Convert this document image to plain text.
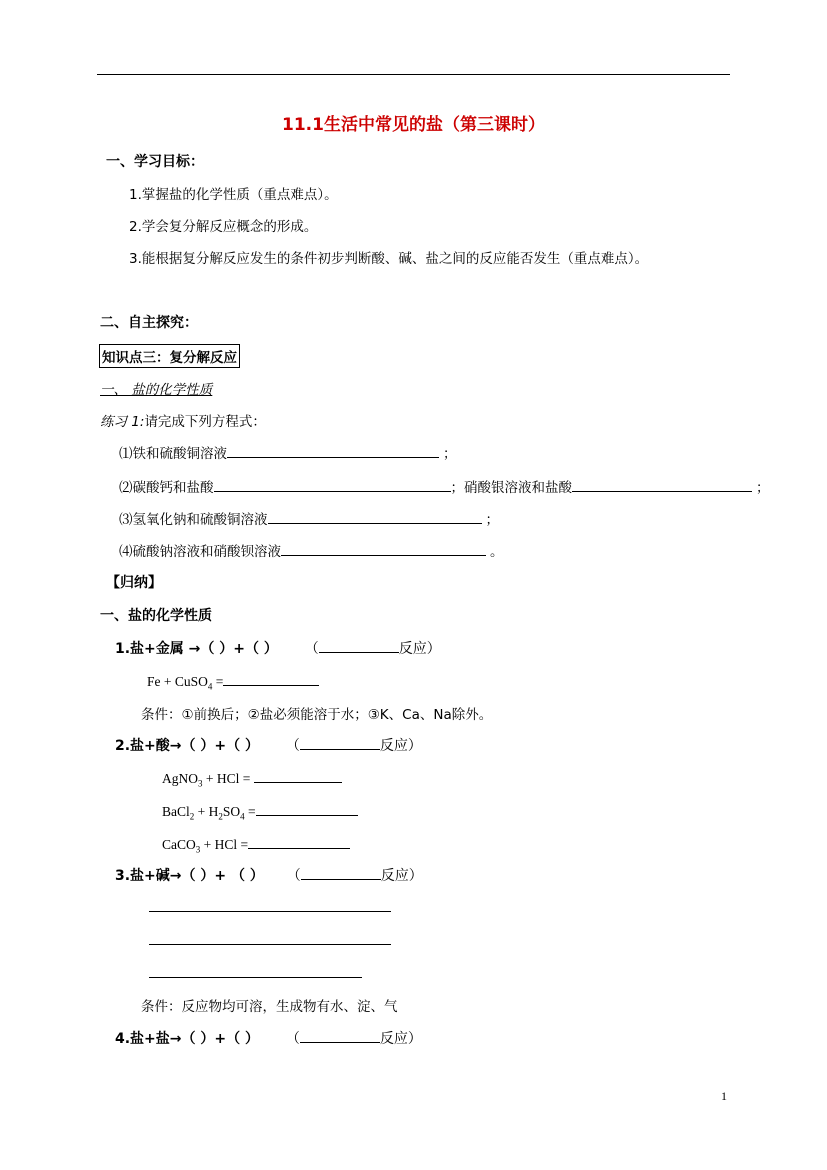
11.1生活中常见的盐（第三课时）
一、学习目标：
1.掌握盐的化学性质（重点难点）。
2.学会复分解反应概念的形成。
3.能根据复分解反应发生的条件初步判断酸、碱、盐之间的反应能否发生（重点难点）。
二、自主探究：
知识点三：复分解反应
一、 盐的化学性质
练习 1:请完成下列方程式：
⑴铁和硫酸铜溶液	；
⑵碳酸钙和盐酸	；硝酸银溶液和盐酸	；
⑶氢氧化钠和硫酸铜溶液	；
⑷硫酸钠溶液和硝酸钡溶液	。
【归纳】
一、盐的化学性质
1.盐+金属 →（ ）+（ ） （	反应）
Fe + CuSO$_4$ =
条件：①前换后；②盐必须能溶于水；③K、Ca、Na除外。
2.盐+酸→（ ）+（ ） （	反应）
AgNO$_3$ + HCl =
BaCl$_2$ + $H_2SO_4$ =
CaCO$_3$ + HCl =
3.盐+碱→（ ）+ （ ） （	反应）
条件：反应物均可溶，生成物有水、淀、气
4.盐+盐→（ ）+（ ） （	反应）
1
